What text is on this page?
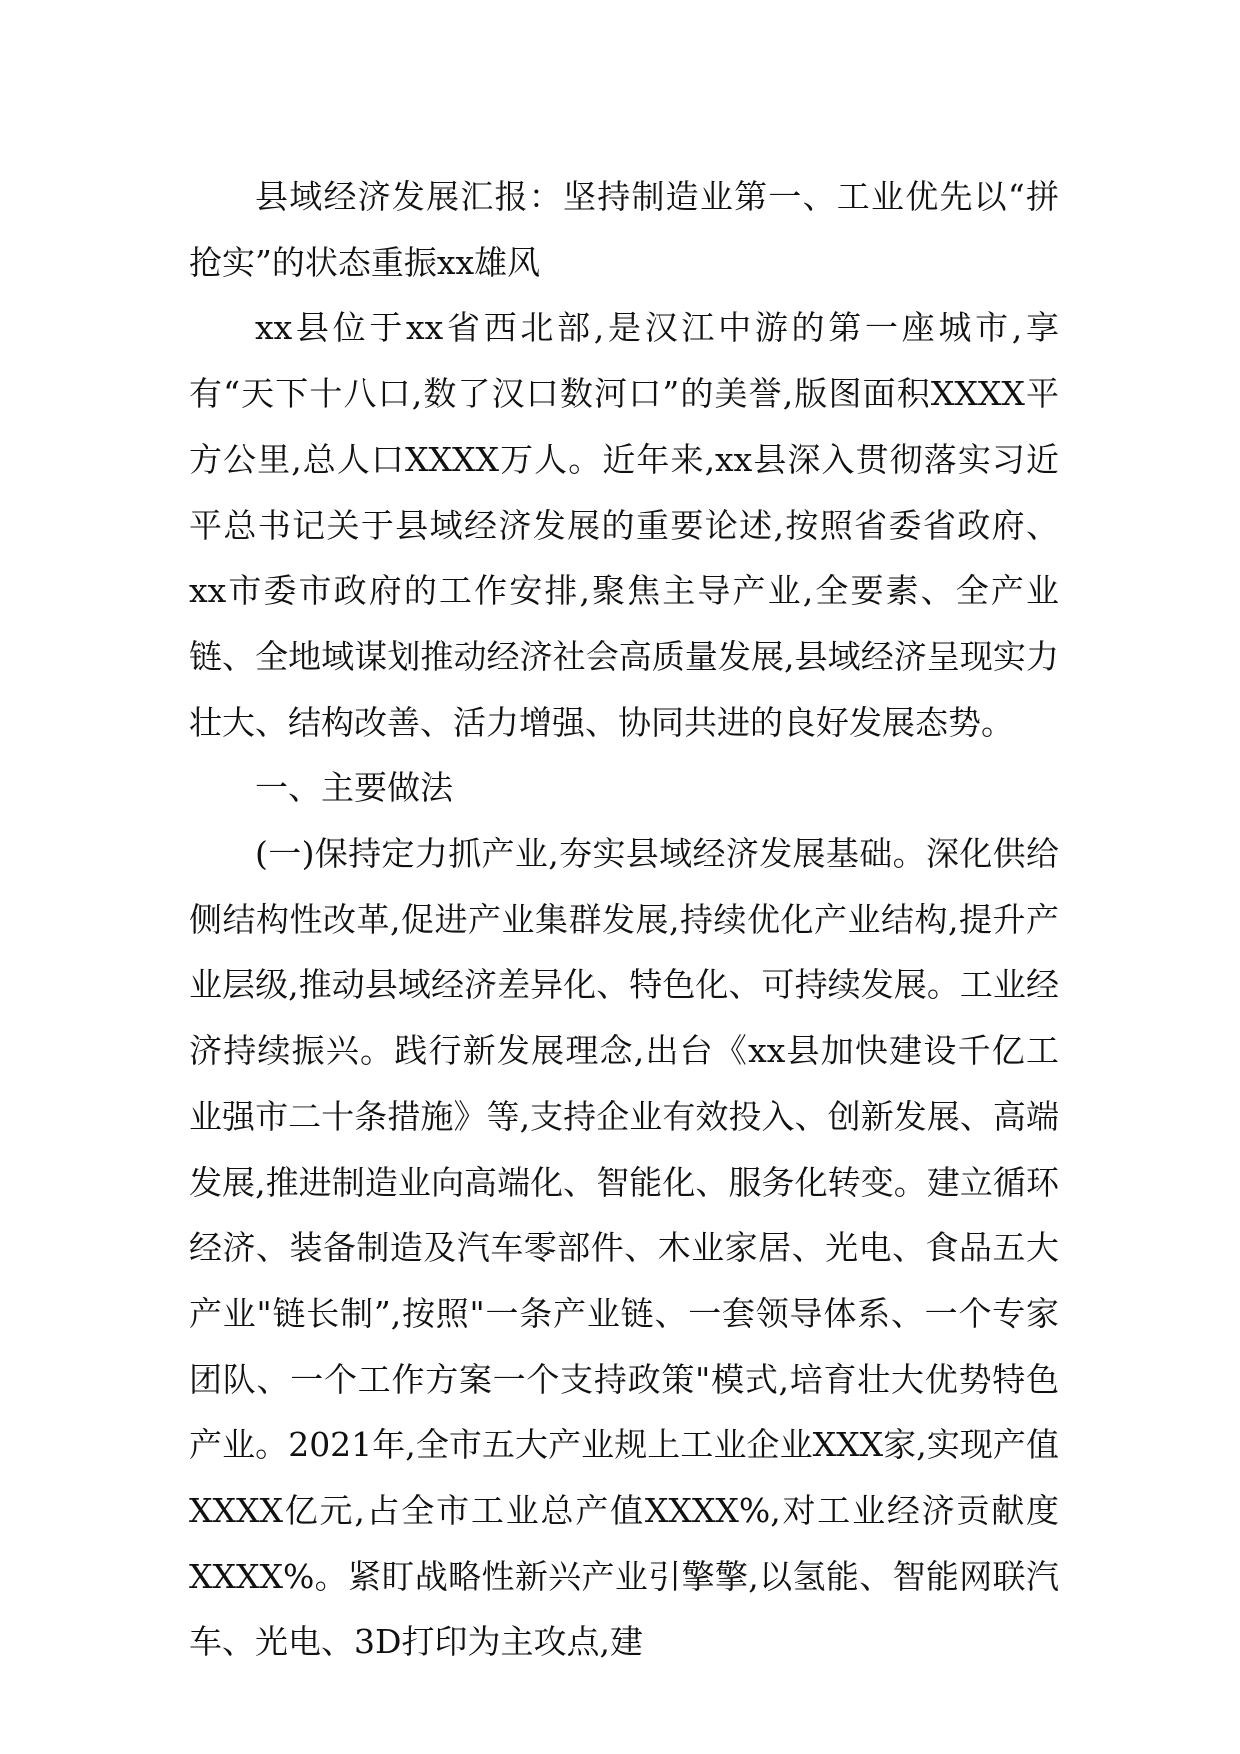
县域经济发展汇报：坚持制造业第一、工业优先以“拼抢实”的状态重振xx雄风

xx县位于xx省西北部,是汉江中游的第一座城市,享有“天下十八口,数了汉口数河口”的美誉,版图面积XXXX平方公里,总人口XXXX万人。近年来,xx县深入贯彻落实习近平总书记关于县域经济发展的重要论述,按照省委省政府、xx市委市政府的工作安排,聚焦主导产业,全要素、全产业链、全地域谋划推动经济社会高质量发展,县域经济呈现实力壮大、结构改善、活力增强、协同共进的良好发展态势。

一、主要做法

(一)保持定力抓产业,夯实县域经济发展基础。深化供给侧结构性改革,促进产业集群发展,持续优化产业结构,提升产业层级,推动县域经济差异化、特色化、可持续发展。工业经济持续振兴。践行新发展理念,出台《xx县加快建设千亿工业强市二十条措施》等,支持企业有效投入、创新发展、高端发展,推进制造业向高端化、智能化、服务化转变。建立循环经济、装备制造及汽车零部件、木业家居、光电、食品五大产业"链长制”,按照"一条产业链、一套领导体系、一个专家团队、一个工作方案一个支持政策"模式,培育壮大优势特色产业。2021年,全市五大产业规上工业企业XXX家,实现产值XXXX亿元,占全市工业总产值XXXX%,对工业经济贡献度XXXX%。紧盯战略性新兴产业引擎擎,以氢能、智能网联汽车、光电、3D打印为主攻点,建
